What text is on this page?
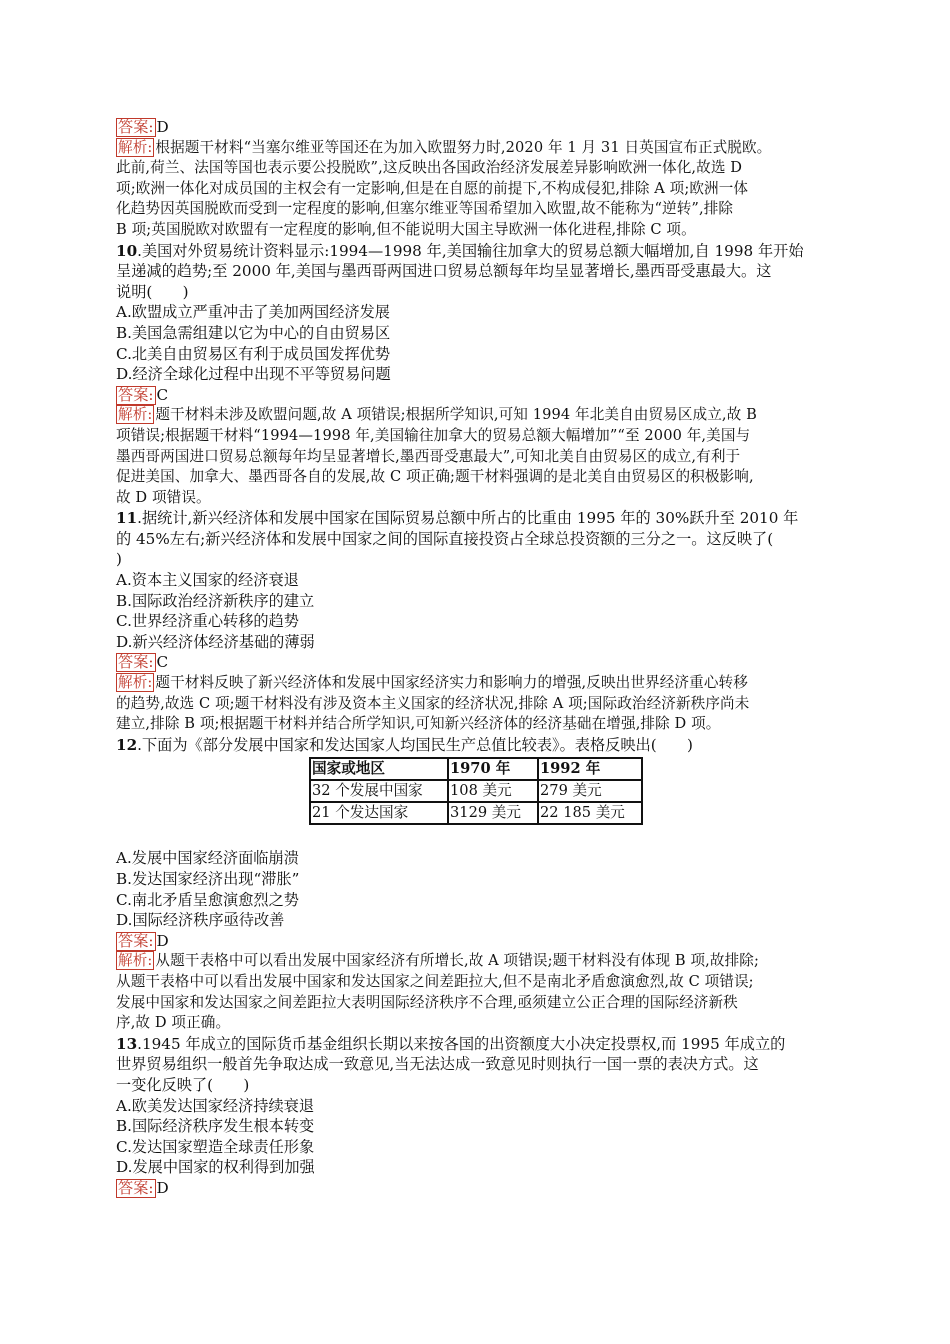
答案: D
解析: 根据题干材料“当塞尔维亚等国还在为加入欧盟努力时,2020 年 1 月 31 日英国宣布正式脱欧。
此前,荷兰、法国等国也表示要公投脱欧”,这反映出各国政治经济发展差异影响欧洲一体化,故选 D
项;欧洲一体化对成员国的主权会有一定影响,但是在自愿的前提下,不构成侵犯,排除 A 项;欧洲一体
化趋势因英国脱欧而受到一定程度的影响,但塞尔维亚等国希望加入欧盟,故不能称为“逆转”,排除
B 项;英国脱欧对欧盟有一定程度的影响,但不能说明大国主导欧洲一体化进程,排除 C 项。
10.美国对外贸易统计资料显示:1994—1998 年,美国输往加拿大的贸易总额大幅增加,自 1998 年开始
呈递减的趋势;至 2000 年,美国与墨西哥两国进口贸易总额每年均呈显著增长,墨西哥受惠最大。这
说明(　　)
A.欧盟成立严重冲击了美加两国经济发展
B.美国急需组建以它为中心的自由贸易区
C.北美自由贸易区有利于成员国发挥优势
D.经济全球化过程中出现不平等贸易问题
答案: C
解析: 题干材料未涉及欧盟问题,故 A 项错误;根据所学知识,可知 1994 年北美自由贸易区成立,故 B
项错误;根据题干材料“1994—1998 年,美国输往加拿大的贸易总额大幅增加”“至 2000 年,美国与
墨西哥两国进口贸易总额每年均呈显著增长,墨西哥受惠最大”,可知北美自由贸易区的成立,有利于
促进美国、加拿大、墨西哥各自的发展,故 C 项正确;题干材料强调的是北美自由贸易区的积极影响,
故 D 项错误。
11.据统计,新兴经济体和发展中国家在国际贸易总额中所占的比重由 1995 年的 30%跃升至 2010 年
的 45%左右;新兴经济体和发展中国家之间的国际直接投资占全球总投资额的三分之一。这反映了(
)
A.资本主义国家的经济衰退
B.国际政治经济新秩序的建立
C.世界经济重心转移的趋势
D.新兴经济体经济基础的薄弱
答案: C
解析: 题干材料反映了新兴经济体和发展中国家经济实力和影响力的增强,反映出世界经济重心转移
的趋势,故选 C 项;题干材料没有涉及资本主义国家的经济状况,排除 A 项;国际政治经济新秩序尚未
建立,排除 B 项;根据题干材料并结合所学知识,可知新兴经济体的经济基础在增强,排除 D 项。
12.下面为《部分发展中国家和发达国家人均国民生产总值比较表》。表格反映出(　　)
国家或地区	1970 年	1992 年
32 个发展中国家	108 美元	279 美元
21 个发达国家	3129 美元	22 185 美元
A.发展中国家经济面临崩溃
B.发达国家经济出现“滞胀”
C.南北矛盾呈愈演愈烈之势
D.国际经济秩序亟待改善
答案: D
解析: 从题干表格中可以看出发展中国家经济有所增长,故 A 项错误;题干材料没有体现 B 项,故排除;
从题干表格中可以看出发展中国家和发达国家之间差距拉大,但不是南北矛盾愈演愈烈,故 C 项错误;
发展中国家和发达国家之间差距拉大表明国际经济秩序不合理,亟须建立公正合理的国际经济新秩
序,故 D 项正确。
13.1945 年成立的国际货币基金组织长期以来按各国的出资额度大小决定投票权,而 1995 年成立的
世界贸易组织一般首先争取达成一致意见,当无法达成一致意见时则执行一国一票的表决方式。这
一变化反映了(　　)
A.欧美发达国家经济持续衰退
B.国际经济秩序发生根本转变
C.发达国家塑造全球责任形象
D.发展中国家的权利得到加强
答案: D
